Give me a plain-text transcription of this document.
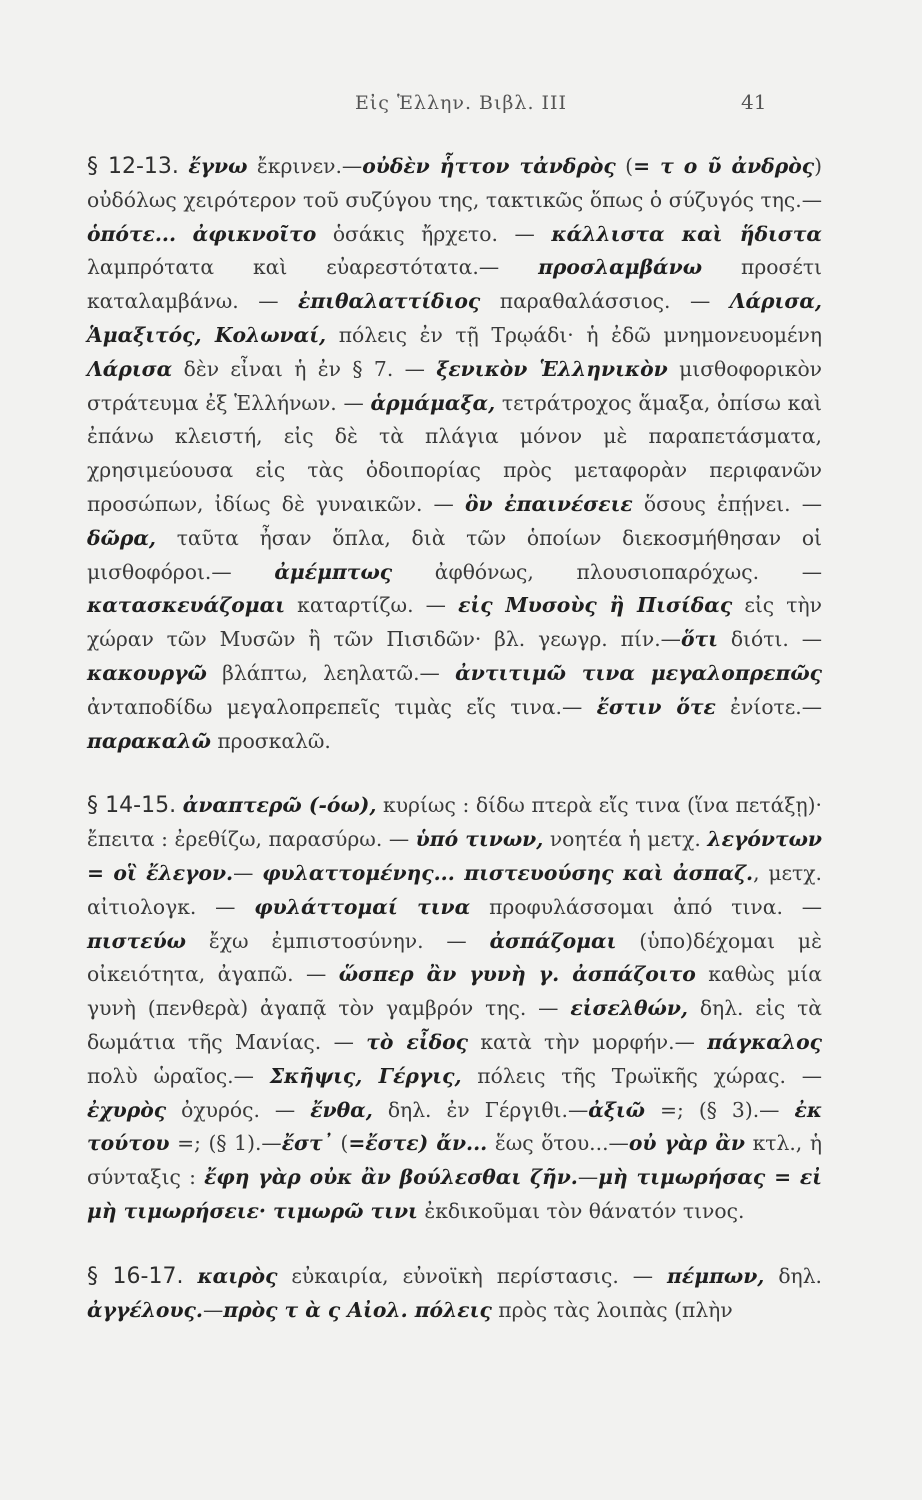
Εἰς Ἑλλην. Βιβλ. III	41

§ 12-13. ἔγνω ἔκρινεν.—οὐδὲν ἧττον τἀνδρὸς (= τ ο ῦ ἀνδρὸς) οὐδόλως χειρότερον τοῦ συζύγου της, τακτικῶς ὅπως ὁ σύζυγός της.— ὁπότε... ἀφικνοῖτο ὁσάκις ἤρχετο. — κάλλιστα καὶ ἥδιστα λαμπρότατα καὶ εὐαρεστότατα.— προσλαμβάνω προσέτι καταλαμβάνω. — ἐπιθαλαττίδιος παραθαλάσσιος. — Λάρισα, Ἁμαξιτός, Κολωναί, πόλεις ἐν τῇ Τρῳάδι· ἡ ἐδῶ μνημονευομένη Λάρισα δὲν εἶναι ἡ ἐν § 7. — ξενικὸν Ἑλληνικὸν μισθοφορικὸν στράτευμα ἐξ Ἑλλήνων. — ἁρμάμαξα, τετράτροχος ἅμαξα, ὀπίσω καὶ ἐπάνω κλειστή, εἰς δὲ τὰ πλάγια μόνον μὲ παραπετάσματα, χρησιμεύουσα εἰς τὰς ὁδοιπορίας πρὸς μεταφορὰν περιφανῶν προσώπων, ἰδίως δὲ γυναικῶν. — ὃν ἐπαινέσειε ὅσους ἐπῄνει. — δῶρα, ταῦτα ἦσαν ὅπλα, διὰ τῶν ὁποίων διεκοσμήθησαν οἱ μισθοφόροι.— ἀμέμπτως ἀφθόνως, πλουσιοπαρόχως. —κατασκευάζομαι καταρτίζω. — εἰς Μυσοὺς ἢ Πισίδας εἰς τὴν χώραν τῶν Μυσῶν ἢ τῶν Πισιδῶν· βλ. γεωγρ. πίν.—ὅτι διότι. — κακουργῶ βλάπτω, λεηλατῶ.— ἀντιτιμῶ τινα μεγαλοπρεπῶς ἀνταποδίδω μεγαλοπρεπεῖς τιμὰς εἴς τινα.— ἔστιν ὅτε ἐνίοτε.—παρακαλῶ προσκαλῶ.

§ 14-15. ἀναπτερῶ (-όω), κυρίως : δίδω πτερὰ εἴς τινα (ἵνα πετάξῃ)· ἔπειτα : ἐρεθίζω, παρασύρω. — ὑπό τινων, νοητέα ἡ μετχ. λεγόντων = οἳ ἔλεγον.— φυλαττομένης... πιστευούσης καὶ ἀσπαζ., μετχ. αἰτιολογκ. — φυλάττομαί τινα προφυλάσσομαι ἀπό τινα. — πιστεύω ἔχω ἐμπιστοσύνην. — ἀσπάζομαι (ὑπο)δέχομαι μὲ οἰκειότητα, ἀγαπῶ. — ὥσπερ ἂν γυνὴ γ. ἀσπάζοιτο καθὼς μία γυνὴ (πενθερὰ) ἀγαπᾷ τὸν γαμβρόν της. — εἰσελθών, δηλ. εἰς τὰ δωμάτια τῆς Μανίας. — τὸ εἶδος κατὰ τὴν μορφήν.— πάγκαλος πολὺ ὡραῖος.— Σκῆψις, Γέργις, πόλεις τῆς Τρωϊκῆς χώρας. — ἐχυρὸς ὀχυρός. — ἔνθα, δηλ. ἐν Γέργιθι.—ἀξιῶ =; (§ 3).— ἐκ τούτου =; (§ 1).—ἔστ᾽ (=ἔστε) ἄν... ἕως ὅτου...—οὐ γὰρ ἂν κτλ., ἡ σύνταξις : ἔφη γὰρ οὐκ ἂν βούλεσθαι ζῆν.—μὴ τιμωρήσας = εἰ μὴ τιμωρήσειε· τιμωρῶ τινι ἐκδικοῦμαι τὸν θάνατόν τινος.

§ 16-17. καιρὸς εὐκαιρία, εὐνοϊκὴ περίστασις. — πέμπων, δηλ. ἀγγέλους.—πρὸς τ ὰ ς Αἰολ. πόλεις πρὸς τὰς λοιπὰς (πλὴν
